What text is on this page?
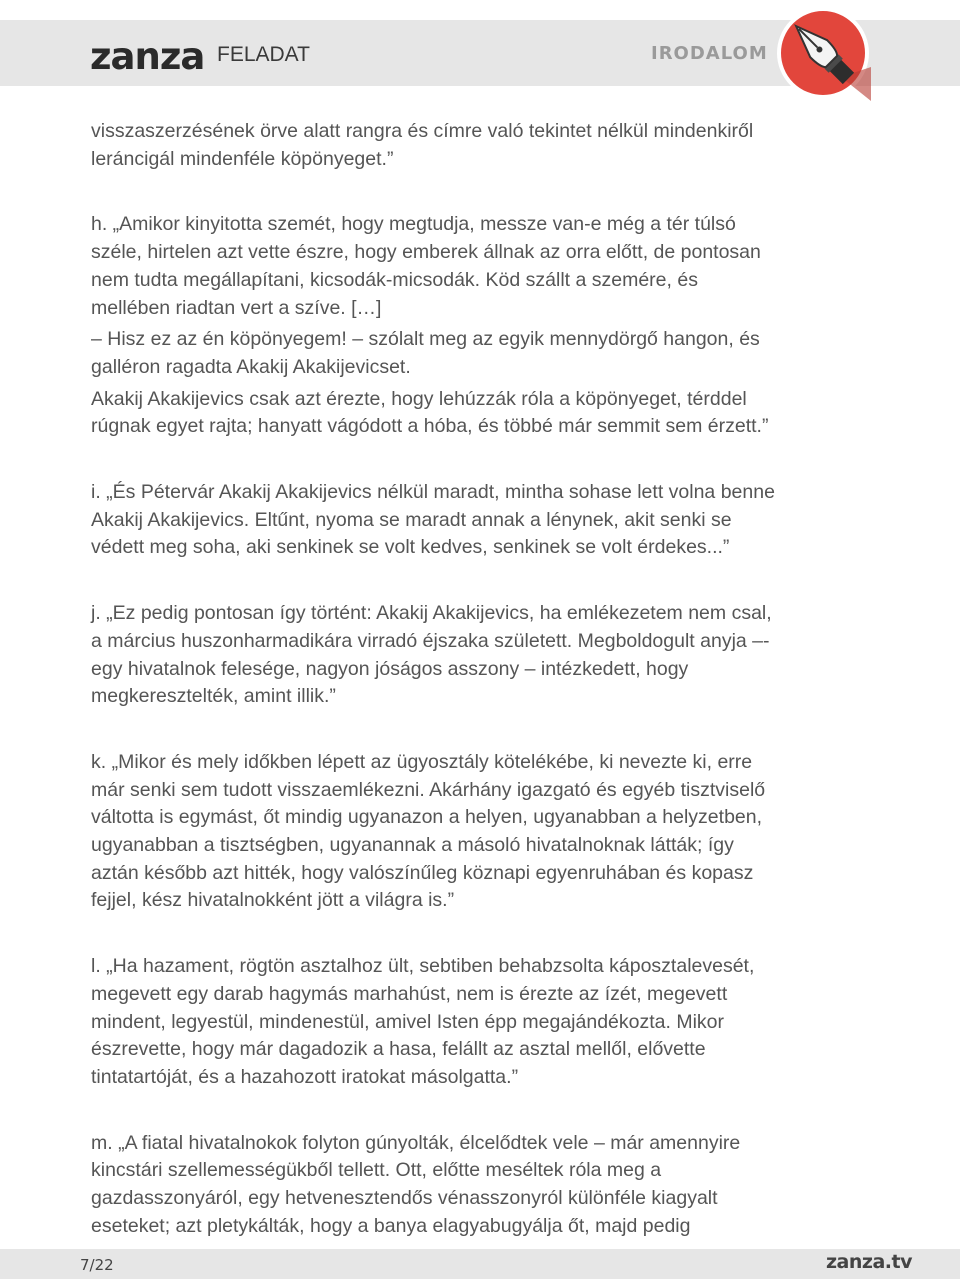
zanza FELADAT	IRODALOM

visszaszerzésének örve alatt rangra és címre való tekintet nélkül mindenkiről

leráncigál mindenféle köpönyeget.”

h. „Amikor kinyitotta szemét, hogy megtudja, messze van-e még a tér túlsó

széle, hirtelen azt vette észre, hogy emberek állnak az orra előtt, de pontosan

nem tudta megállapítani, kicsodák-micsodák. Köd szállt a szemére, és

mellében riadtan vert a szíve. […]

– Hisz ez az én köpönyegem! – szólalt meg az egyik mennydörgő hangon, és

galléron ragadta Akakij Akakijevicset.

Akakij Akakijevics csak azt érezte, hogy lehúzzák róla a köpönyeget, térddel

rúgnak egyet rajta; hanyatt vágódott a hóba, és többé már semmit sem érzett.”

i. „És Pétervár Akakij Akakijevics nélkül maradt, mintha sohase lett volna benne

Akakij Akakijevics. Eltűnt, nyoma se maradt annak a lénynek, akit senki se

védett meg soha, aki senkinek se volt kedves, senkinek se volt érdekes...”

j. „Ez pedig pontosan így történt: Akakij Akakijevics, ha emlékezetem nem csal,

a március huszonharmadikára virradó éjszaka született. Megboldogult anyja –-

egy hivatalnok felesége, nagyon jóságos asszony – intézkedett, hogy

megkeresztelték, amint illik.”

k. „Mikor és mely időkben lépett az ügyosztály kötelékébe, ki nevezte ki, erre

már senki sem tudott visszaemlékezni. Akárhány igazgató és egyéb tisztviselő

váltotta is egymást, őt mindig ugyanazon a helyen, ugyanabban a helyzetben,

ugyanabban a tisztségben, ugyanannak a másoló hivatalnoknak látták; így

aztán később azt hitték, hogy valószínűleg köznapi egyenruhában és kopasz

fejjel, kész hivatalnokként jött a világra is.”

l. „Ha hazament, rögtön asztalhoz ült, sebtiben behabzsolta káposztalevesét,

megevett egy darab hagymás marhahúst, nem is érezte az ízét, megevett

mindent, legyestül, mindenestül, amivel Isten épp megajándékozta. Mikor

észrevette, hogy már dagadozik a hasa, felállt az asztal mellől, elővette

tintatartóját, és a hazahozott iratokat másolgatta.”

m. „A fiatal hivatalnokok folyton gúnyolták, élcelődtek vele – már amennyire

kincstári szellemességükből tellett. Ott, előtte meséltek róla meg a

gazdasszonyáról, egy hetvenesztendős vénasszonyról különféle kiagyalt

eseteket; azt pletykálták, hogy a banya elagyabugyálja őt, majd pedig

7/22	zanza.tv
